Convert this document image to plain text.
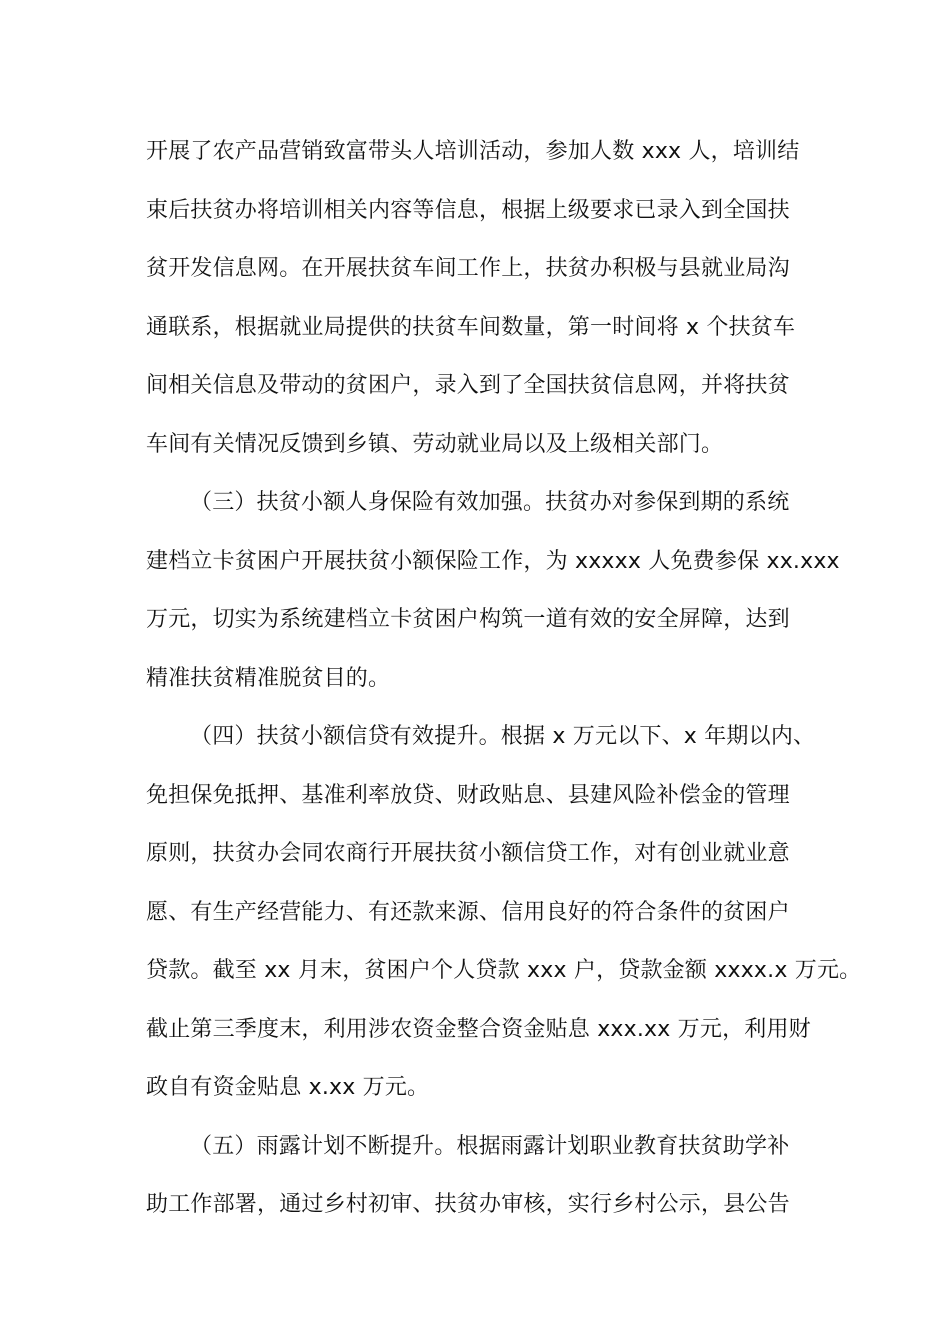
开展了农产品营销致富带头人培训活动，参加人数 xxx 人，培训结
束后扶贫办将培训相关内容等信息，根据上级要求已录入到全国扶
贫开发信息网。在开展扶贫车间工作上，扶贫办积极与县就业局沟
通联系，根据就业局提供的扶贫车间数量，第一时间将 x 个扶贫车
间相关信息及带动的贫困户，录入到了全国扶贫信息网，并将扶贫
车间有关情况反馈到乡镇、劳动就业局以及上级相关部门。
（三）扶贫小额人身保险有效加强。扶贫办对参保到期的系统
建档立卡贫困户开展扶贫小额保险工作，为 xxxxx 人免费参保 xx.xxx
万元，切实为系统建档立卡贫困户构筑一道有效的安全屏障，达到
精准扶贫精准脱贫目的。
（四）扶贫小额信贷有效提升。根据 x 万元以下、x 年期以内、
免担保免抵押、基准利率放贷、财政贴息、县建风险补偿金的管理
原则，扶贫办会同农商行开展扶贫小额信贷工作，对有创业就业意
愿、有生产经营能力、有还款来源、信用良好的符合条件的贫困户
贷款。截至 xx 月末，贫困户个人贷款 xxx 户，贷款金额 xxxx.x 万元。
截止第三季度末，利用涉农资金整合资金贴息 xxx.xx 万元，利用财
政自有资金贴息 x.xx 万元。
（五）雨露计划不断提升。根据雨露计划职业教育扶贫助学补
助工作部署，通过乡村初审、扶贫办审核，实行乡村公示，县公告
